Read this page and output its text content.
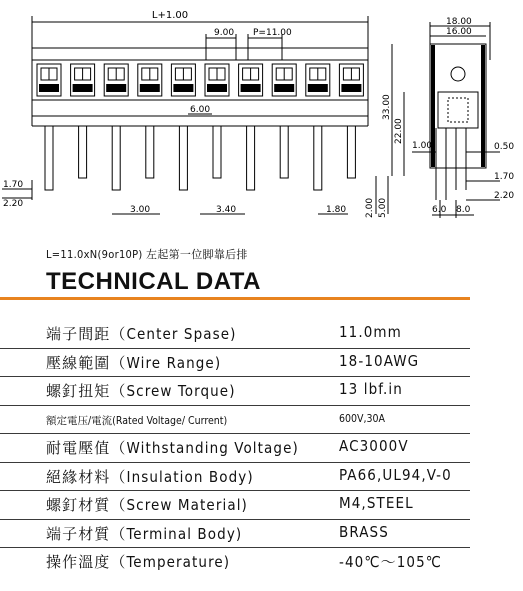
L+1.00
9.00 P=11.00
6.00
1.70
2.20
3.00	3.40	1.80 2.00 5.00
18.00
16.00
33.00
22.00
1.00	0.50
1.70
2.20
6.0 8.0
L=11.0xN(9or10P) 左起第一位脚靠后排
TECHNICAL DATA
端子間距（Center Spase)	11.0mm
壓線範圍（Wire Range)	18-10AWG
螺釘扭矩（Screw Torque)	13 lbf.in
額定電压/電流(Rated Voltage/ Current)	600V,30A
耐電壓值（Withstanding Voltage)	AC3000V
絕緣材料（Insulation Body)	PA66,UL94,V-0
螺釘材質（Screw Material)	M4,STEEL
端子材質（Terminal Body)	BRASS
操作溫度（Temperature)	-40℃～105℃
